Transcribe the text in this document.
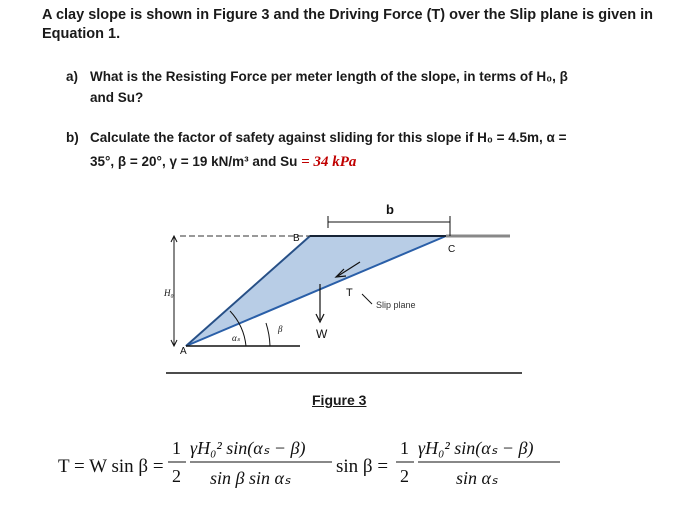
A clay slope is shown in Figure 3 and the Driving Force (T) over the Slip plane is given in Equation 1.
a) What is the Resisting Force per meter length of the slope, in terms of H₀, β
and Su?
b) Calculate the factor of safety against sliding for this slope if H₀ = 4.5m, α =
35°, β = 20°, γ = 19 kN/m³ and Su = 34 kPa
b
B
C
A
H₀
αₛ
β
T
W
Slip plane
Figure 3
T = W sin β =
1
2
γH₀² sin(αₛ − β)
sin β sin αₛ
sin β =
1
2
γH₀² sin(αₛ − β)
sin αₛ
